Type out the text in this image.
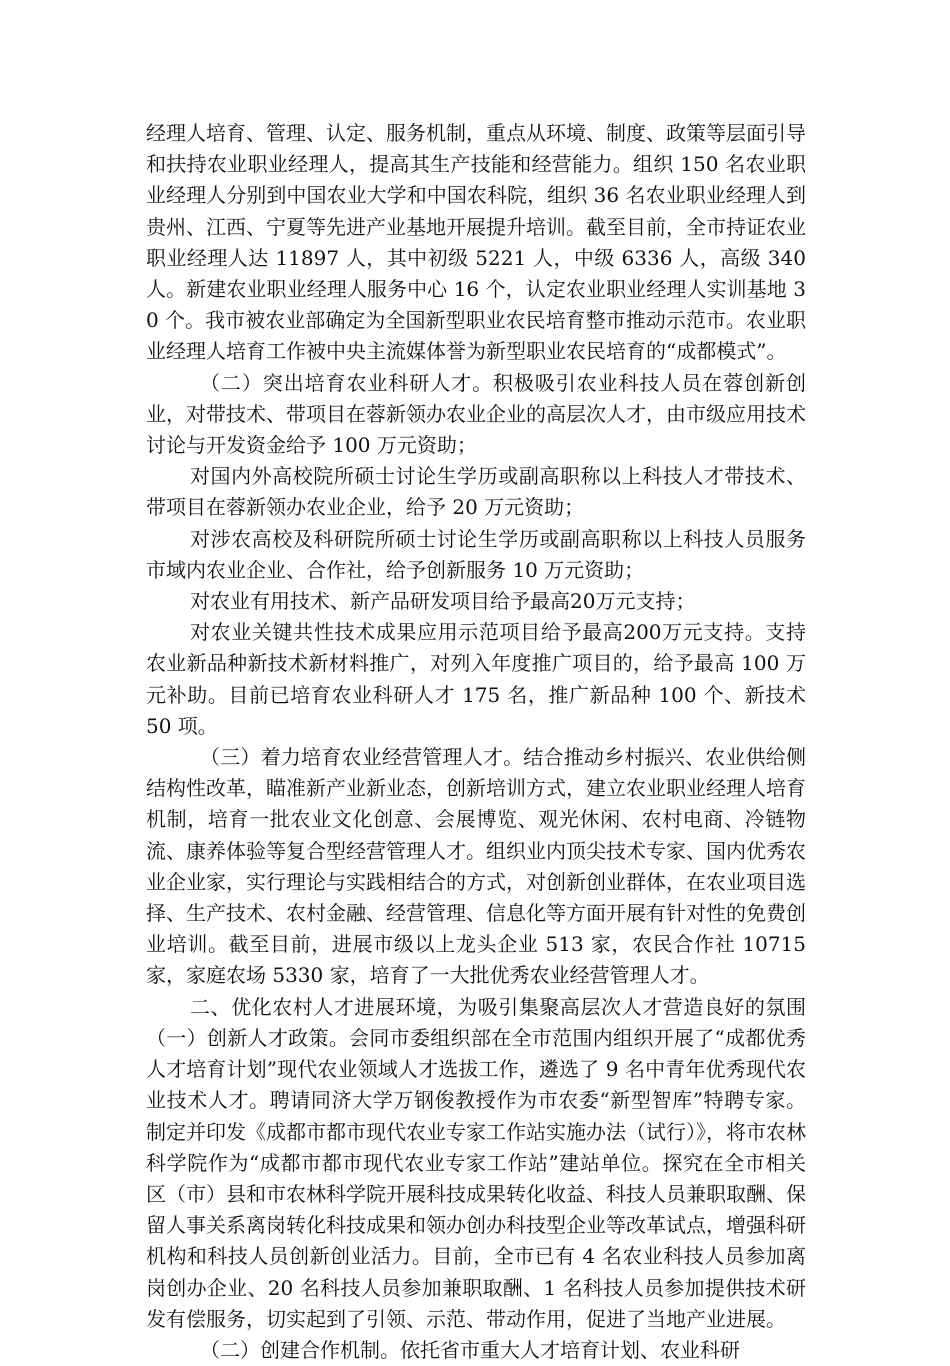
经理人培育、管理、认定、服务机制，重点从环境、制度、政策等层面引导和扶持农业职业经理人，提高其生产技能和经营能力。组织 150 名农业职业经理人分别到中国农业大学和中国农科院，组织 36 名农业职业经理人到贵州、江西、宁夏等先进产业基地开展提升培训。截至目前，全市持证农业职业经理人达 11897 人，其中初级 5221 人，中级 6336 人，高级 340 人。新建农业职业经理人服务中心 16 个，认定农业职业经理人实训基地 30 个。我市被农业部确定为全国新型职业农民培育整市推动示范市。农业职业经理人培育工作被中央主流媒体誉为新型职业农民培育的“成都模式”。

（二）突出培育农业科研人才。积极吸引农业科技人员在蓉创新创业，对带技术、带项目在蓉新领办农业企业的高层次人才，由市级应用技术讨论与开发资金给予 100 万元资助；

对国内外高校院所硕士讨论生学历或副高职称以上科技人才带技术、带项目在蓉新领办农业企业，给予 20 万元资助；

对涉农高校及科研院所硕士讨论生学历或副高职称以上科技人员服务市域内农业企业、合作社，给予创新服务 10 万元资助；

对农业有用技术、新产品研发项目给予最高20万元支持；

对农业关键共性技术成果应用示范项目给予最高200万元支持。支持农业新品种新技术新材料推广，对列入年度推广项目的，给予最高 100 万元补助。目前已培育农业科研人才 175 名，推广新品种 100 个、新技术 50 项。

（三）着力培育农业经营管理人才。结合推动乡村振兴、农业供给侧结构性改革，瞄准新产业新业态，创新培训方式，建立农业职业经理人培育机制，培育一批农业文化创意、会展博览、观光休闲、农村电商、冷链物流、康养体验等复合型经营管理人才。组织业内顶尖技术专家、国内优秀农业企业家，实行理论与实践相结合的方式，对创新创业群体，在农业项目选择、生产技术、农村金融、经营管理、信息化等方面开展有针对性的免费创业培训。截至目前，进展市级以上龙头企业 513 家，农民合作社 10715 家，家庭农场 5330 家，培育了一大批优秀农业经营管理人才。

二、优化农村人才进展环境，为吸引集聚高层次人才营造良好的氛围 （一）创新人才政策。会同市委组织部在全市范围内组织开展了“成都优秀人才培育计划”现代农业领域人才选拔工作，遴选了 9 名中青年优秀现代农业技术人才。聘请同济大学万钢俊教授作为市农委“新型智库”特聘专家。制定并印发《成都市都市现代农业专家工作站实施办法（试行）》，将市农林科学院作为“成都市都市现代农业专家工作站”建站单位。探究在全市相关区（市）县和市农林科学院开展科技成果转化收益、科技人员兼职取酬、保留人事关系离岗转化科技成果和领办创办科技型企业等改革试点，增强科研机构和科技人员创新创业活力。目前，全市已有 4 名农业科技人员参加离岗创办企业、20 名科技人员参加兼职取酬、1 名科技人员参加提供技术研发有偿服务，切实起到了引领、示范、带动作用，促进了当地产业进展。

（二）创建合作机制。依托省市重大人才培育计划、农业科研
